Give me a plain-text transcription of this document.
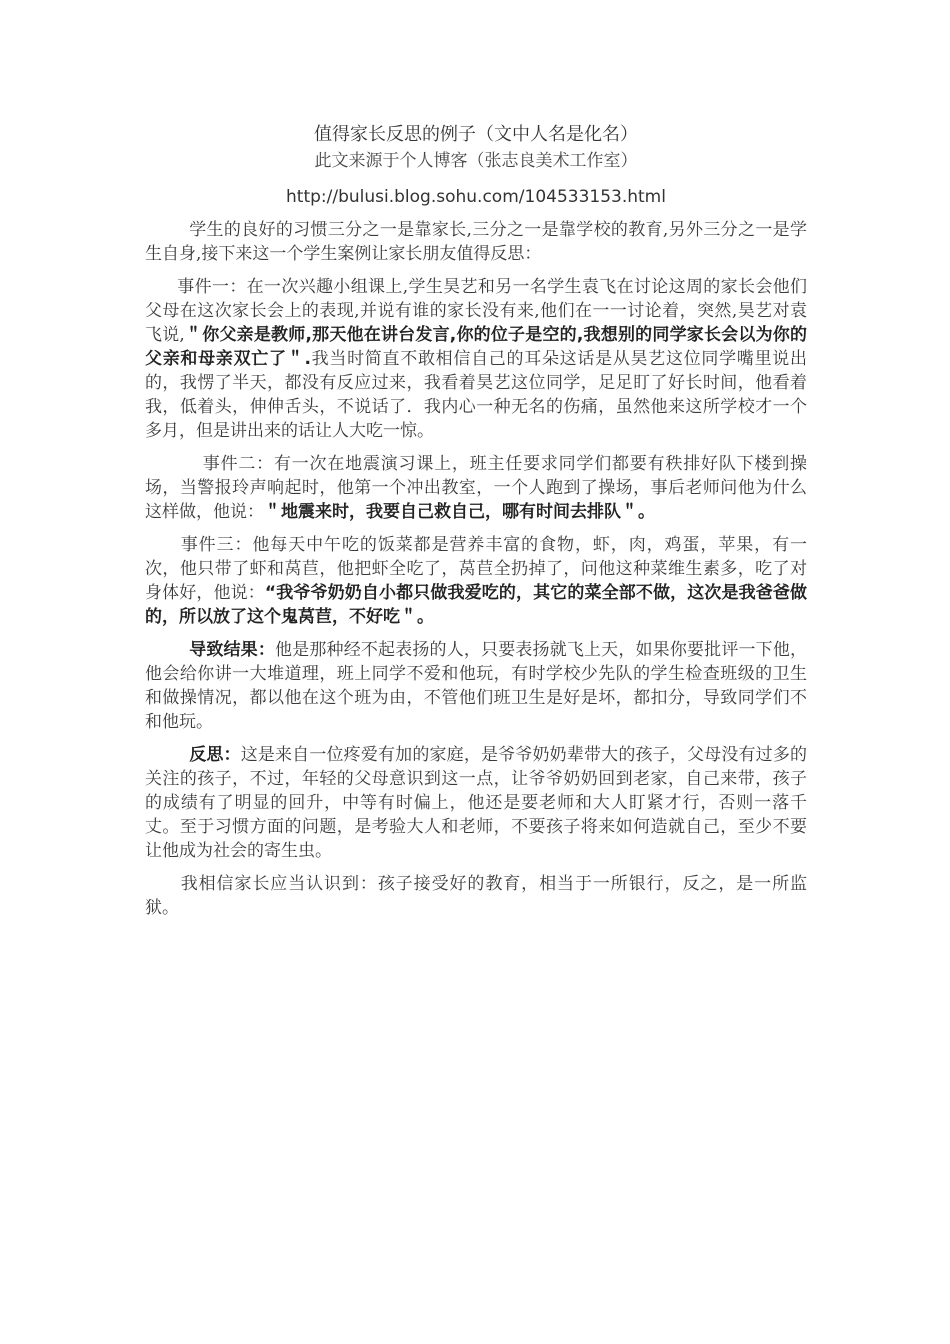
值得家长反思的例子（文中人名是化名）

此文来源于个人博客（张志良美术工作室）

http://bulusi.blog.sohu.com/104533153.html

学生的良好的习惯三分之一是靠家长,三分之一是靠学校的教育,另外三分之一是学生自身,接下来这一个学生案例让家长朋友值得反思：

事件一：在一次兴趣小组课上,学生昊艺和另一名学生袁飞在讨论这周的家长会他们父母在这次家长会上的表现,并说有谁的家长没有来,他们在一一讨论着，突然,昊艺对袁飞说,＂你父亲是教师,那天他在讲台发言,你的位子是空的,我想别的同学家长会以为你的父亲和母亲双亡了＂.我当时简直不敢相信自己的耳朵这话是从昊艺这位同学嘴里说出的，我愣了半天，都没有反应过来，我看着昊艺这位同学，足足盯了好长时间，他看着我，低着头，伸伸舌头，不说话了．我内心一种无名的伤痛，虽然他来这所学校才一个多月，但是讲出来的话让人大吃一惊。

事件二：有一次在地震演习课上，班主任要求同学们都要有秩排好队下楼到操场，当警报玲声响起时，他第一个冲出教室，一个人跑到了操场，事后老师问他为什么这样做，他说：＂地震来时，我要自己救自己，哪有时间去排队＂。

事件三：他每天中午吃的饭菜都是营养丰富的食物，虾，肉，鸡蛋，苹果，有一次，他只带了虾和莴苣，他把虾全吃了，莴苣全扔掉了，问他这种菜维生素多，吃了对身体好，他说：“我爷爷奶奶自小都只做我爱吃的，其它的菜全部不做，这次是我爸爸做的，所以放了这个鬼莴苣，不好吃＂。

导致结果：他是那种经不起表扬的人，只要表扬就飞上天，如果你要批评一下他，他会给你讲一大堆道理，班上同学不爱和他玩，有时学校少先队的学生检查班级的卫生和做操情况，都以他在这个班为由，不管他们班卫生是好是坏，都扣分，导致同学们不和他玩。

反思：这是来自一位疼爱有加的家庭，是爷爷奶奶辈带大的孩子，父母没有过多的关注的孩子，不过，年轻的父母意识到这一点，让爷爷奶奶回到老家，自己来带，孩子的成绩有了明显的回升，中等有时偏上，他还是要老师和大人盯紧才行，否则一落千丈。至于习惯方面的问题，是考验大人和老师，不要孩子将来如何造就自己，至少不要让他成为社会的寄生虫。

我相信家长应当认识到：孩子接受好的教育，相当于一所银行，反之，是一所监狱。
